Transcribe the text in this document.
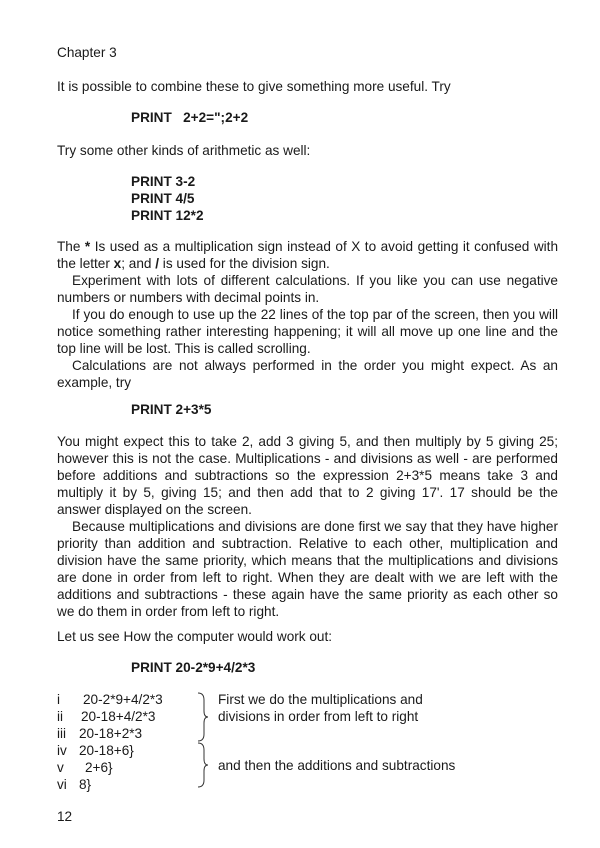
Chapter 3
It is possible to combine these to give something more useful. Try
PRINT   2+2=";2+2
Try some other kinds of arithmetic as well:
PRINT 3-2
PRINT 4/5
PRINT 12*2

The * Is used as a multiplication sign instead of X to avoid getting it confused with the letter x; and / is used for the division sign.

Experiment with lots of different calculations. If you like you can use negative numbers or numbers with decimal points in.

If you do enough to use up the 22 lines of the top par of the screen, then you will notice something rather interesting happening; it will all move up one line and the top line will be lost. This is called scrolling.

Calculations are not always performed in the order you might expect. As an example, try

PRINT 2+3*5

You might expect this to take 2, add 3 giving 5, and then multiply by 5 giving 25; however this is not the case. Multiplications - and divisions as well - are performed before additions and subtractions so the expression 2+3*5 means take 3 and multiply it by 5, giving 15; and then add that to 2 giving 17'. 17 should be the answer displayed on the screen.

Because multiplications and divisions are done first we say that they have higher priority than addition and subtraction. Relative to each other, multiplication and division have the same priority, which means that the multiplications and divisions are done in order from left to right. When they are dealt with we are left with the additions and subtractions - these again have the same priority as each other so we do them in order from left to right.

Let us see How the computer would work out:
PRINT 20-2*9+4/2*3
i 20-2*9+4/2*3
ii 20-18+4/2*3
iii 20-18+2*3
iv 20-18+6}
v 2+6}
vi 8}
First we do the multiplications and
divisions in order from left to right
and then the additions and subtractions
12
